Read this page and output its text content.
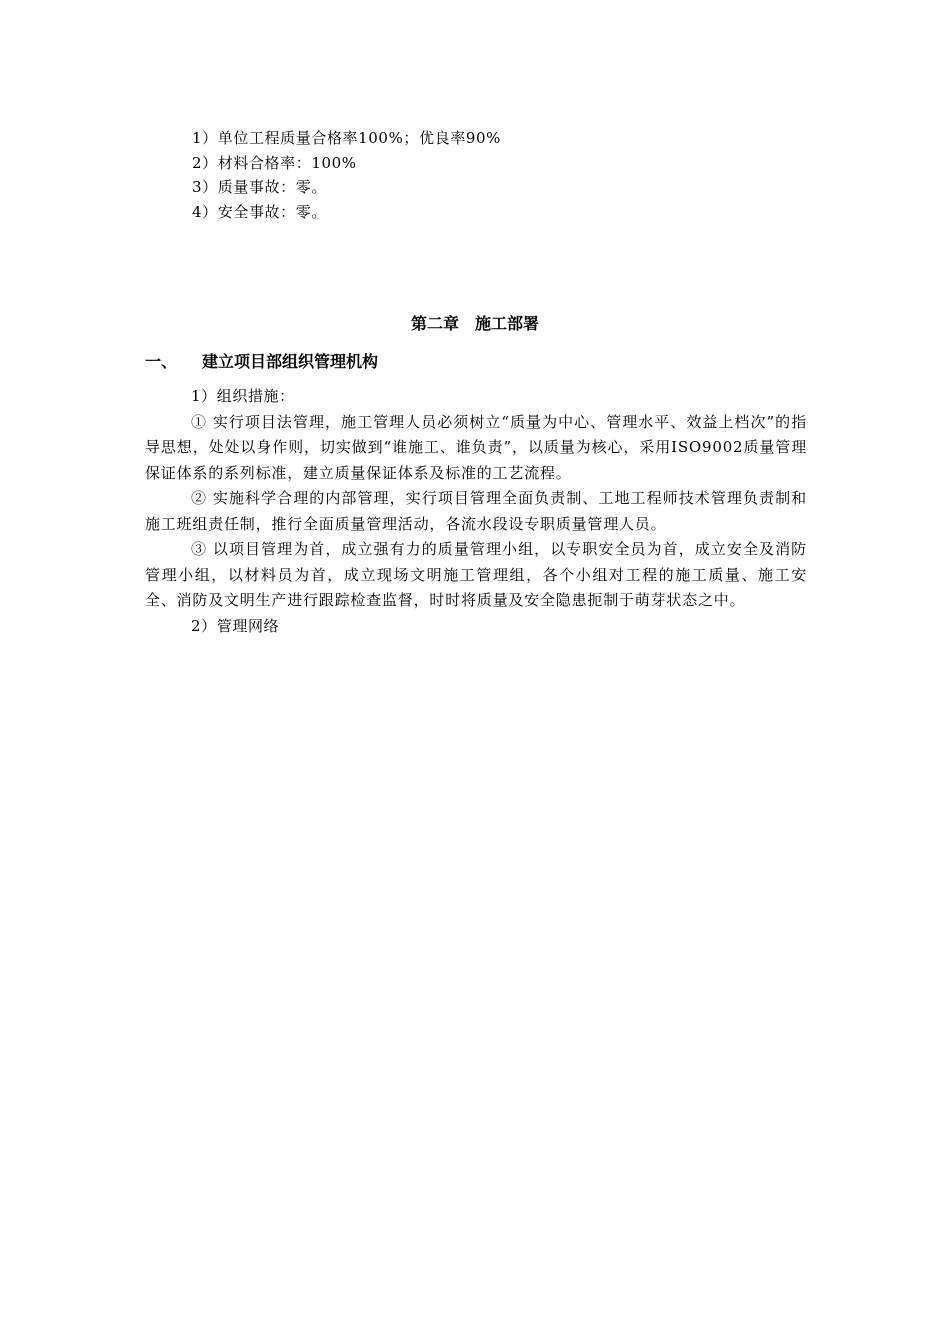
1）单位工程质量合格率100%；优良率90%
2）材料合格率：100%
3）质量事故：零。
4）安全事故：零。
第二章　施工部署
一、 建立项目部组织管理机构
1）组织措施：

① 实行项目法管理，施工管理人员必须树立“质量为中心、管理水平、效益上档次”的指导思想，处处以身作则，切实做到“谁施工、谁负责”，以质量为核心，采用ISO9002质量管理保证体系的系列标准，建立质量保证体系及标准的工艺流程。

② 实施科学合理的内部管理，实行项目管理全面负责制、工地工程师技术管理负责制和施工班组责任制，推行全面质量管理活动，各流水段设专职质量管理人员。

③ 以项目管理为首，成立强有力的质量管理小组，以专职安全员为首，成立安全及消防管理小组，以材料员为首，成立现场文明施工管理组，各个小组对工程的施工质量、施工安全、消防及文明生产进行跟踪检查监督，时时将质量及安全隐患扼制于萌芽状态之中。

2）管理网络
